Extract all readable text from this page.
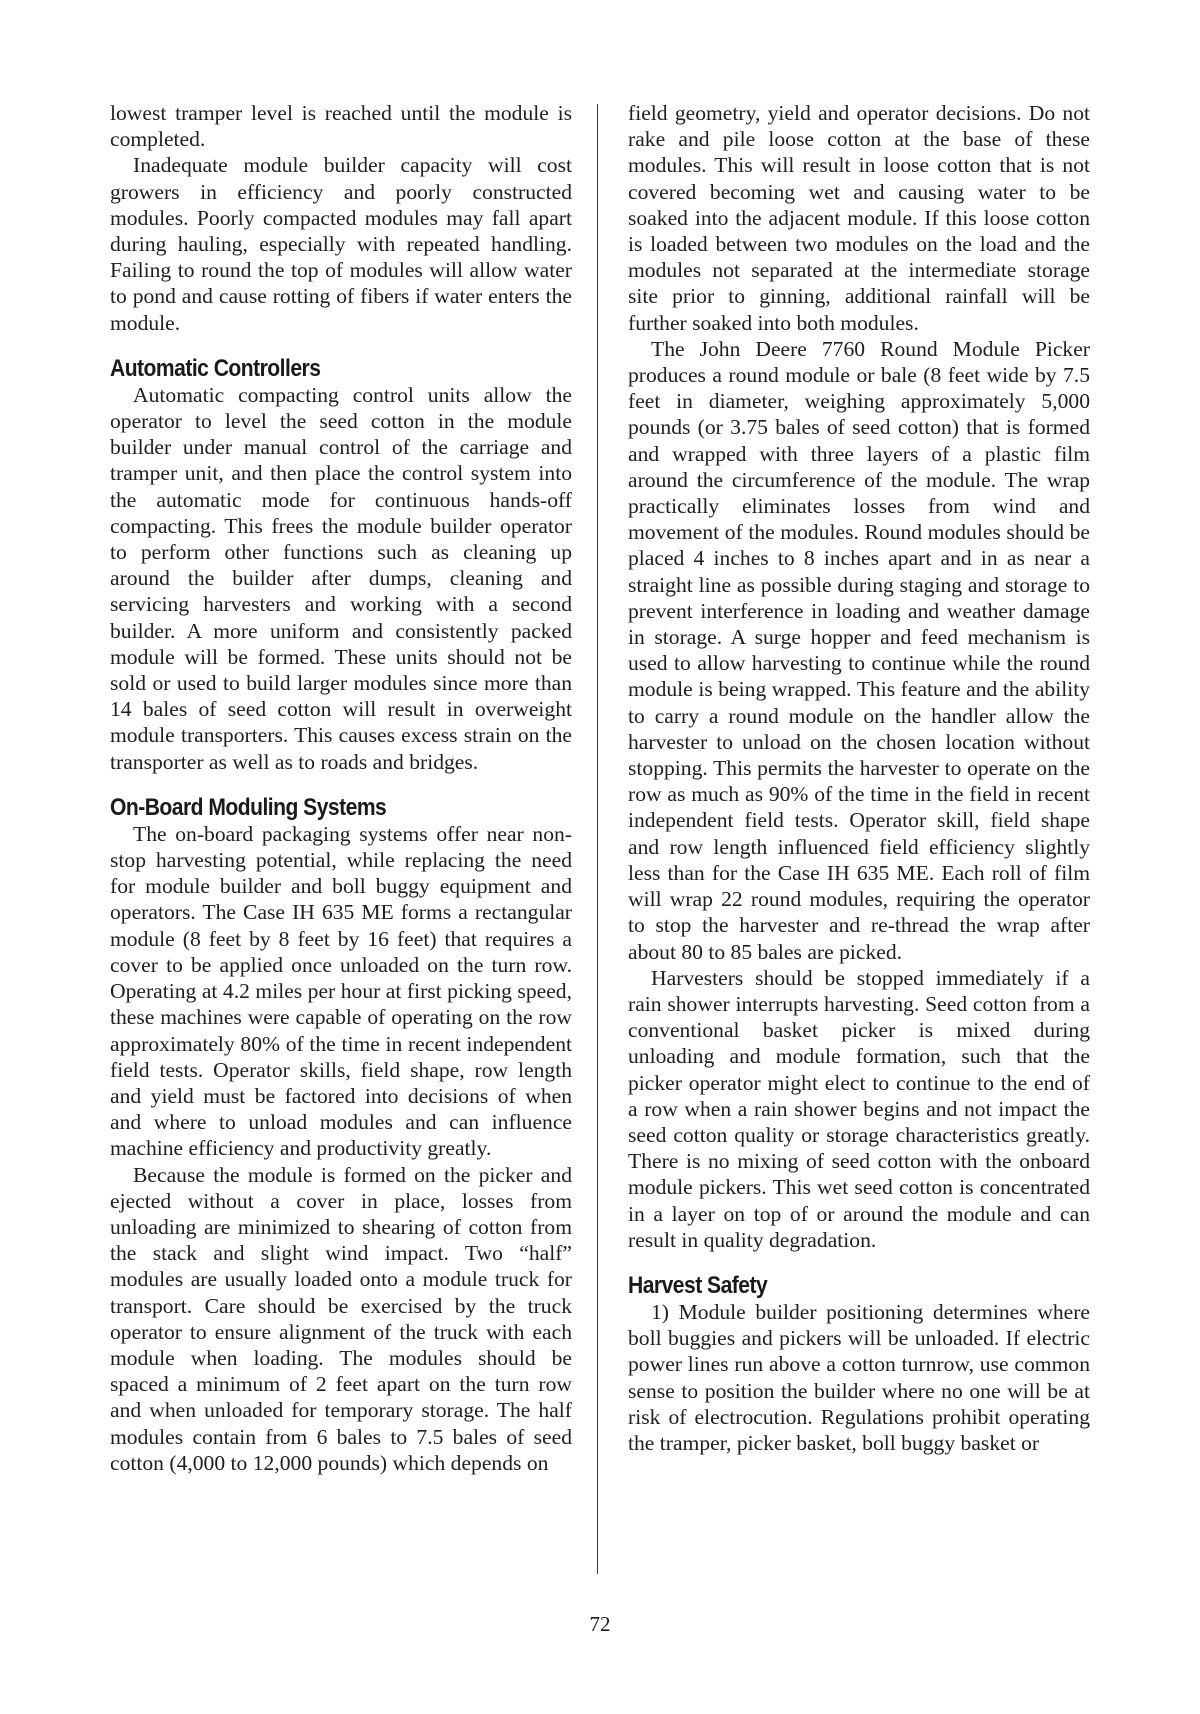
lowest tramper level is reached until the module is completed.

Inadequate module builder capacity will cost growers in efficiency and poorly constructed modules. Poorly compacted modules may fall apart during hauling, especially with repeated handling. Failing to round the top of modules will allow water to pond and cause rotting of fibers if water enters the module.

Automatic Controllers

Automatic compacting control units allow the operator to level the seed cotton in the module builder under manual control of the carriage and tramper unit, and then place the control system into the automatic mode for continuous hands-off compacting. This frees the module builder operator to perform other functions such as cleaning up around the builder after dumps, cleaning and servicing harvesters and working with a second builder. A more uniform and consistently packed module will be formed. These units should not be sold or used to build larger modules since more than 14 bales of seed cotton will result in overweight module transporters. This causes excess strain on the transporter as well as to roads and bridges.

On-Board Moduling Systems

The on-board packaging systems offer near non-stop harvesting potential, while replacing the need for module builder and boll buggy equipment and operators. The Case IH 635 ME forms a rectangular module (8 feet by 8 feet by 16 feet) that requires a cover to be applied once unloaded on the turn row. Operating at 4.2 miles per hour at first picking speed, these machines were capable of operating on the row approximately 80% of the time in recent independent field tests. Operator skills, field shape, row length and yield must be factored into decisions of when and where to unload modules and can influence machine efficiency and productivity greatly.

Because the module is formed on the picker and ejected without a cover in place, losses from unloading are minimized to shearing of cotton from the stack and slight wind impact. Two “half” modules are usually loaded onto a module truck for transport. Care should be exercised by the truck operator to ensure alignment of the truck with each module when loading. The modules should be spaced a minimum of 2 feet apart on the turn row and when unloaded for temporary storage. The half modules contain from 6 bales to 7.5 bales of seed cotton (4,000 to 12,000 pounds) which depends on

field geometry, yield and operator decisions. Do not rake and pile loose cotton at the base of these modules. This will result in loose cotton that is not covered becoming wet and causing water to be soaked into the adjacent module. If this loose cotton is loaded between two modules on the load and the modules not separated at the intermediate storage site prior to ginning, additional rainfall will be further soaked into both modules.

The John Deere 7760 Round Module Picker produces a round module or bale (8 feet wide by 7.5 feet in diameter, weighing approximately 5,000 pounds (or 3.75 bales of seed cotton) that is formed and wrapped with three layers of a plastic film around the circumference of the module. The wrap practically eliminates losses from wind and movement of the modules. Round modules should be placed 4 inches to 8 inches apart and in as near a straight line as possible during staging and storage to prevent interference in loading and weather damage in storage. A surge hopper and feed mechanism is used to allow harvesting to continue while the round module is being wrapped. This feature and the ability to carry a round module on the handler allow the harvester to unload on the chosen location without stopping. This permits the harvester to operate on the row as much as 90% of the time in the field in recent independent field tests. Operator skill, field shape and row length influenced field efficiency slightly less than for the Case IH 635 ME. Each roll of film will wrap 22 round modules, requiring the operator to stop the harvester and re-thread the wrap after about 80 to 85 bales are picked.

Harvesters should be stopped immediately if a rain shower interrupts harvesting. Seed cotton from a conventional basket picker is mixed during unloading and module formation, such that the picker operator might elect to continue to the end of a row when a rain shower begins and not impact the seed cotton quality or storage characteristics greatly. There is no mixing of seed cotton with the onboard module pickers. This wet seed cotton is concentrated in a layer on top of or around the module and can result in quality degradation.

Harvest Safety

1) Module builder positioning determines where boll buggies and pickers will be unloaded. If electric power lines run above a cotton turnrow, use common sense to position the builder where no one will be at risk of electrocution. Regulations prohibit operating the tramper, picker basket, boll buggy basket or

72
